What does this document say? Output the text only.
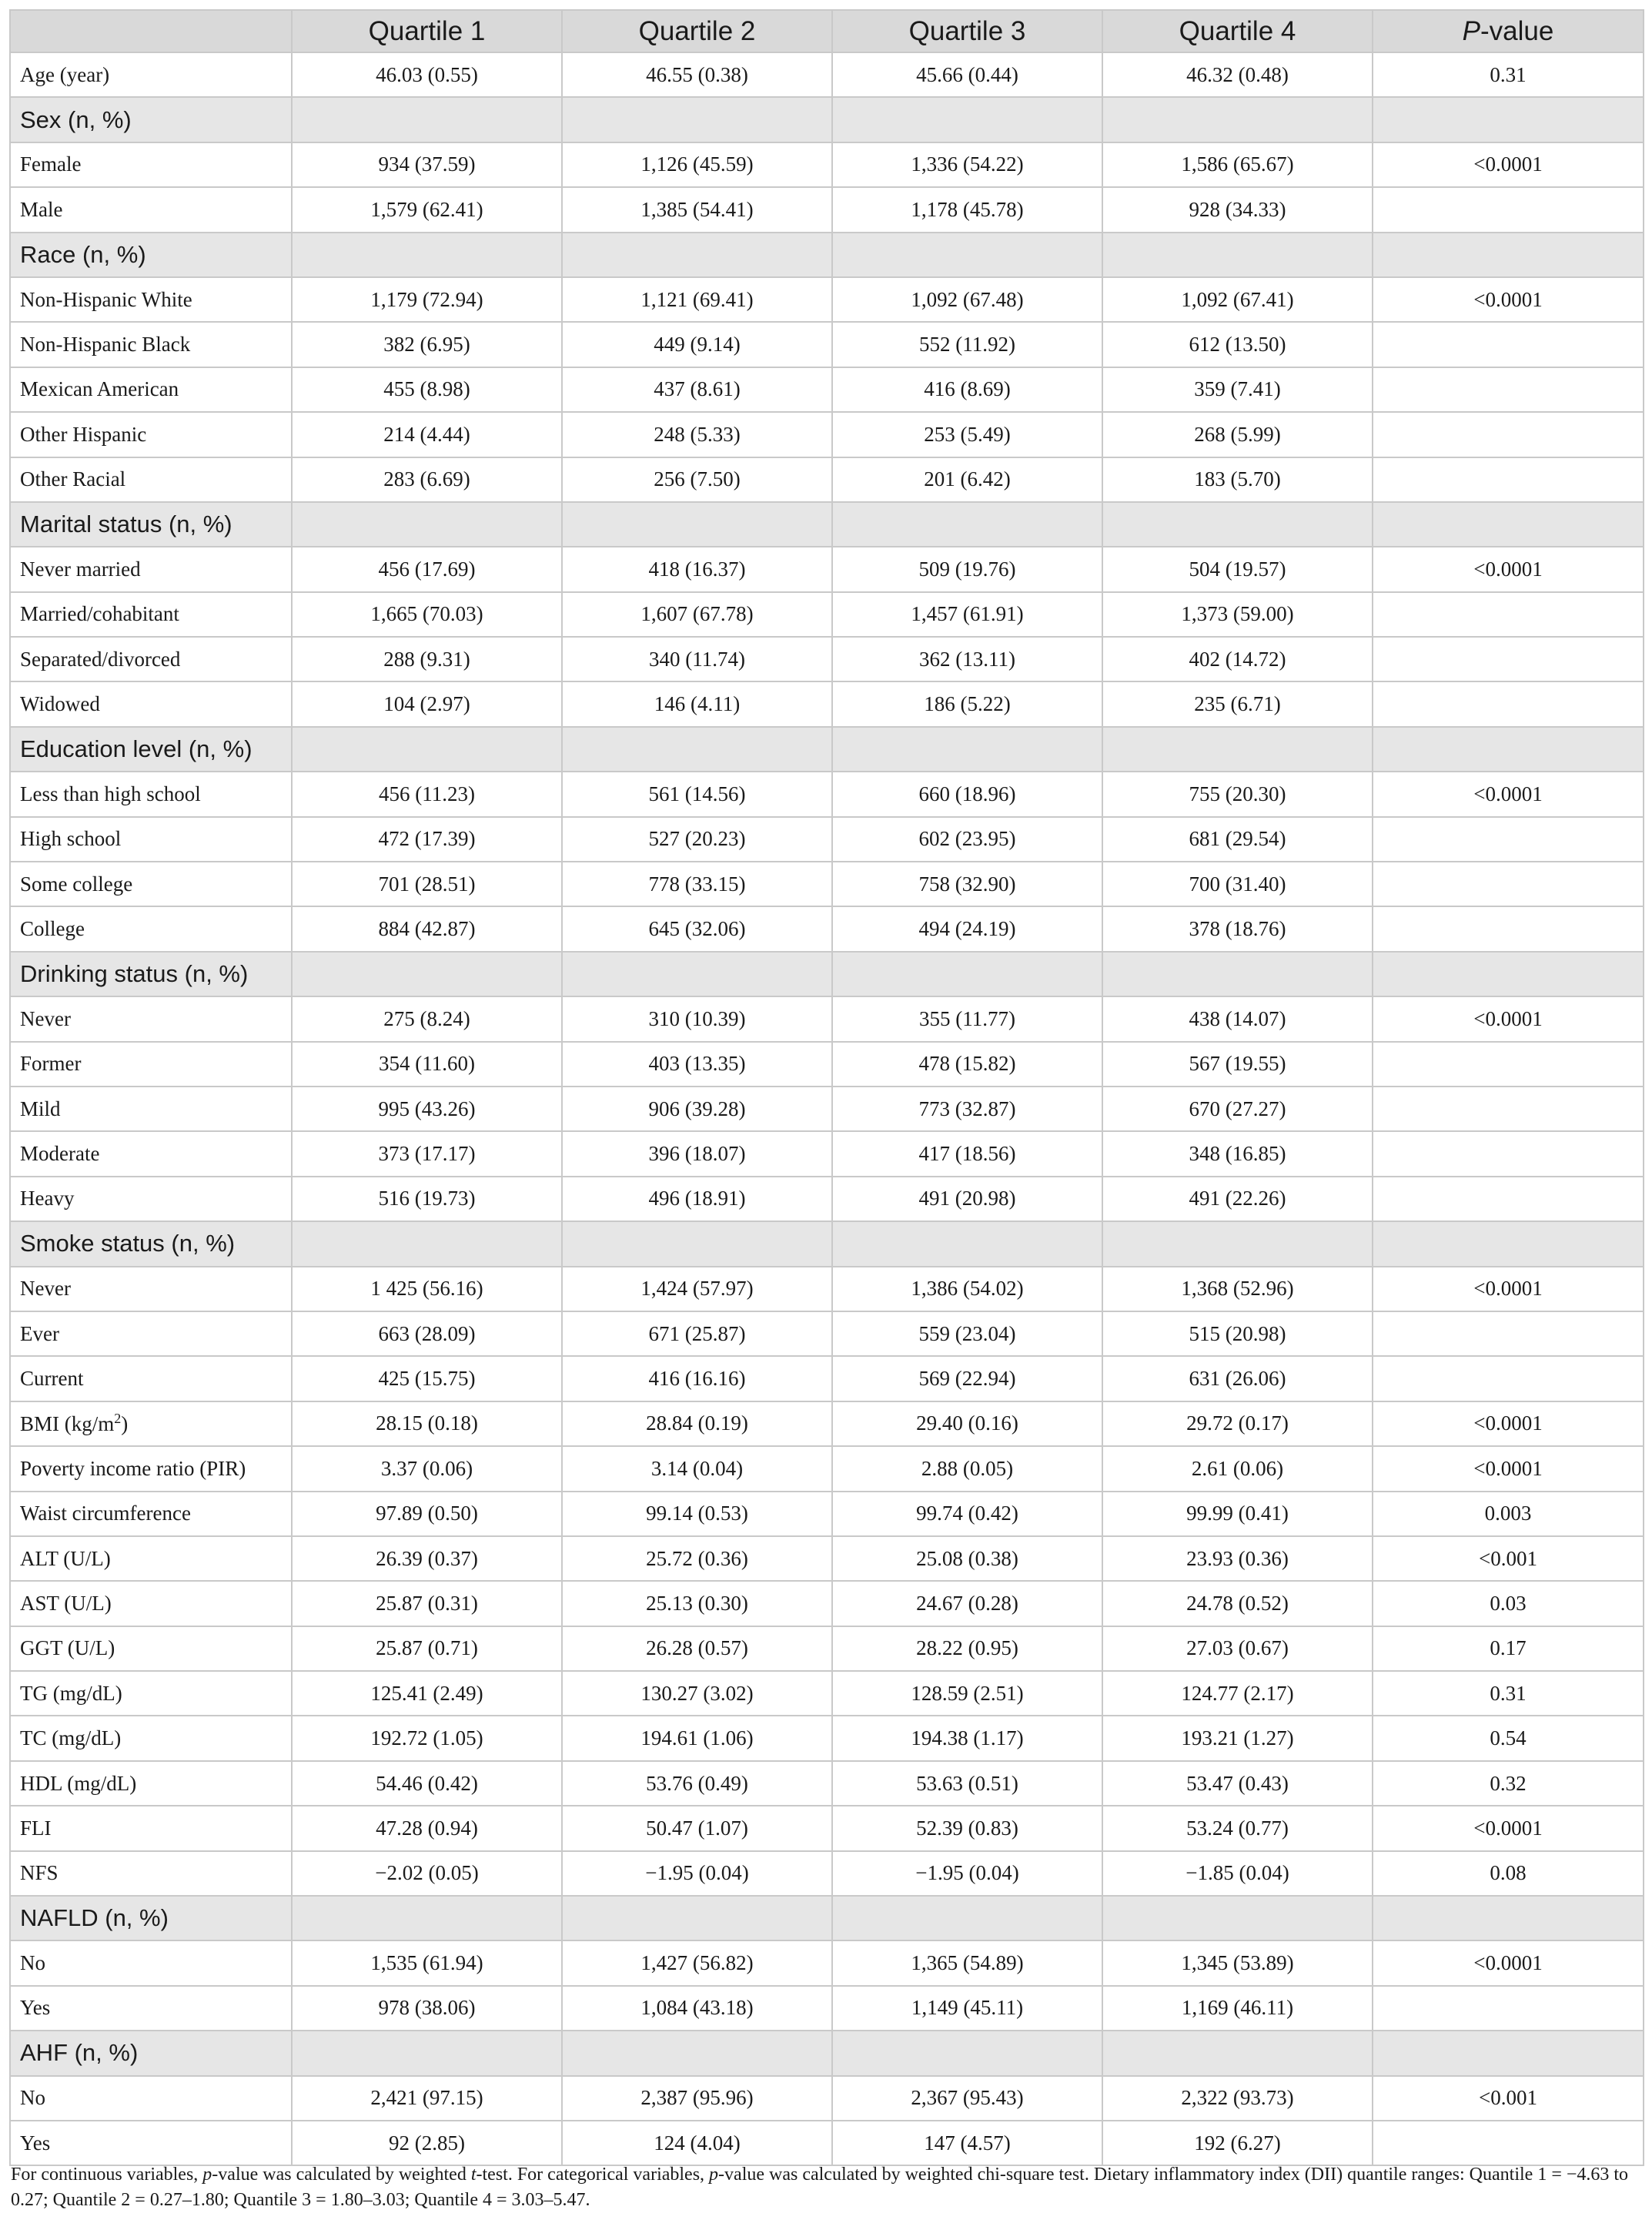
	Quartile 1	Quartile 2	Quartile 3	Quartile 4	P-value
Age (year)	46.03 (0.55)	46.55 (0.38)	45.66 (0.44)	46.32 (0.48)	0.31
Sex (n, %)					
Female	934 (37.59)	1,126 (45.59)	1,336 (54.22)	1,586 (65.67)	<0.0001
Male	1,579 (62.41)	1,385 (54.41)	1,178 (45.78)	928 (34.33)	
Race (n, %)					
Non-Hispanic White	1,179 (72.94)	1,121 (69.41)	1,092 (67.48)	1,092 (67.41)	<0.0001
Non-Hispanic Black	382 (6.95)	449 (9.14)	552 (11.92)	612 (13.50)	
Mexican American	455 (8.98)	437 (8.61)	416 (8.69)	359 (7.41)	
Other Hispanic	214 (4.44)	248 (5.33)	253 (5.49)	268 (5.99)	
Other Racial	283 (6.69)	256 (7.50)	201 (6.42)	183 (5.70)	
Marital status (n, %)					
Never married	456 (17.69)	418 (16.37)	509 (19.76)	504 (19.57)	<0.0001
Married/cohabitant	1,665 (70.03)	1,607 (67.78)	1,457 (61.91)	1,373 (59.00)	
Separated/divorced	288 (9.31)	340 (11.74)	362 (13.11)	402 (14.72)	
Widowed	104 (2.97)	146 (4.11)	186 (5.22)	235 (6.71)	
Education level (n, %)					
Less than high school	456 (11.23)	561 (14.56)	660 (18.96)	755 (20.30)	<0.0001
High school	472 (17.39)	527 (20.23)	602 (23.95)	681 (29.54)	
Some college	701 (28.51)	778 (33.15)	758 (32.90)	700 (31.40)	
College	884 (42.87)	645 (32.06)	494 (24.19)	378 (18.76)	
Drinking status (n, %)					
Never	275 (8.24)	310 (10.39)	355 (11.77)	438 (14.07)	<0.0001
Former	354 (11.60)	403 (13.35)	478 (15.82)	567 (19.55)	
Mild	995 (43.26)	906 (39.28)	773 (32.87)	670 (27.27)	
Moderate	373 (17.17)	396 (18.07)	417 (18.56)	348 (16.85)	
Heavy	516 (19.73)	496 (18.91)	491 (20.98)	491 (22.26)	
Smoke status (n, %)					
Never	1 425 (56.16)	1,424 (57.97)	1,386 (54.02)	1,368 (52.96)	<0.0001
Ever	663 (28.09)	671 (25.87)	559 (23.04)	515 (20.98)	
Current	425 (15.75)	416 (16.16)	569 (22.94)	631 (26.06)	
BMI $(kg/m^2)$	28.15 (0.18)	28.84 (0.19)	29.40 (0.16)	29.72 (0.17)	<0.0001
Poverty income ratio (PIR)	3.37 (0.06)	3.14 (0.04)	2.88 (0.05)	2.61 (0.06)	<0.0001
Waist circumference	97.89 (0.50)	99.14 (0.53)	99.74 (0.42)	99.99 (0.41)	0.003
ALT (U/L)	26.39 (0.37)	25.72 (0.36)	25.08 (0.38)	23.93 (0.36)	<0.001
AST (U/L)	25.87 (0.31)	25.13 (0.30)	24.67 (0.28)	24.78 (0.52)	0.03
GGT (U/L)	25.87 (0.71)	26.28 (0.57)	28.22 (0.95)	27.03 (0.67)	0.17
TG (mg/dL)	125.41 (2.49)	130.27 (3.02)	128.59 (2.51)	124.77 (2.17)	0.31
TC (mg/dL)	192.72 (1.05)	194.61 (1.06)	194.38 (1.17)	193.21 (1.27)	0.54
HDL (mg/dL)	54.46 (0.42)	53.76 (0.49)	53.63 (0.51)	53.47 (0.43)	0.32
FLI	47.28 (0.94)	50.47 (1.07)	52.39 (0.83)	53.24 (0.77)	<0.0001
NFS	−2.02 (0.05)	−1.95 (0.04)	−1.95 (0.04)	−1.85 (0.04)	0.08
NAFLD (n, %)					
No	1,535 (61.94)	1,427 (56.82)	1,365 (54.89)	1,345 (53.89)	<0.0001
Yes	978 (38.06)	1,084 (43.18)	1,149 (45.11)	1,169 (46.11)	
AHF (n, %)					
No	2,421 (97.15)	2,387 (95.96)	2,367 (95.43)	2,322 (93.73)	<0.001
Yes	92 (2.85)	124 (4.04)	147 (4.57)	192 (6.27)	
For continuous variables, p-value was calculated by weighted t-test. For categorical variables, p-value was calculated by weighted chi-square test. Dietary inflammatory index (DII) quantile ranges: Quantile 1 = −4.63 to 0.27; Quantile 2 = 0.27–1.80; Quantile 3 = 1.80–3.03; Quantile 4 = 3.03–5.47.
